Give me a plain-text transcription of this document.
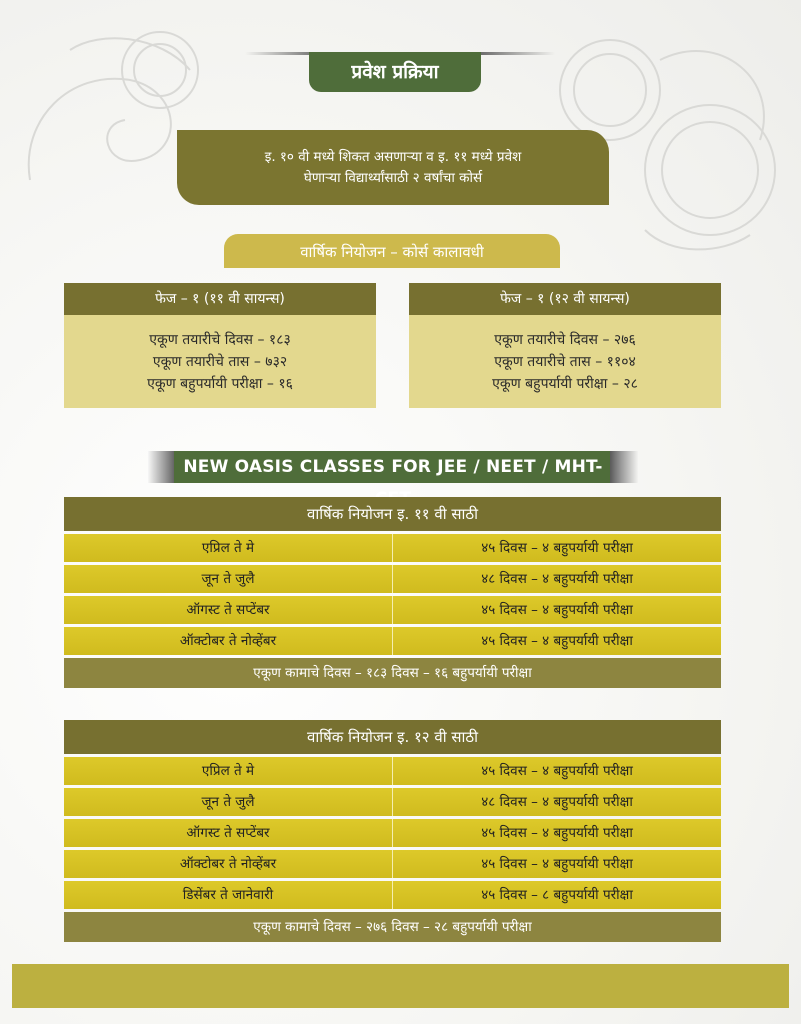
प्रवेश प्रक्रिया
इ. १० वी मध्ये शिकत असणाऱ्या व इ. ११ मध्ये प्रवेश
घेणाऱ्या विद्यार्थ्यांसाठी २ वर्षांचा कोर्स
वार्षिक नियोजन – कोर्स कालावधी
फेज – १ (११ वी सायन्स)
एकूण तयारीचे दिवस – १८३
एकूण तयारीचे तास – ७३२
एकूण बहुपर्यायी परीक्षा – १६
फेज – १ (१२ वी सायन्स)
एकूण तयारीचे दिवस – २७६
एकूण तयारीचे तास – ११०४
एकूण बहुपर्यायी परीक्षा – २८
NEW OASIS CLASSES FOR JEE / NEET / MHT-
वार्षिक नियोजन इ. ११ वी साठी
एप्रिल ते मे	४५ दिवस – ४ बहुपर्यायी परीक्षा
जून ते जुलै	४८ दिवस – ४ बहुपर्यायी परीक्षा
ऑगस्ट ते सप्टेंबर	४५ दिवस – ४ बहुपर्यायी परीक्षा
ऑक्टोबर ते नोव्हेंबर	४५ दिवस – ४ बहुपर्यायी परीक्षा
एकूण कामाचे दिवस – १८३ दिवस – १६ बहुपर्यायी परीक्षा
वार्षिक नियोजन इ. १२ वी साठी
एप्रिल ते मे	४५ दिवस – ४ बहुपर्यायी परीक्षा
जून ते जुलै	४८ दिवस – ४ बहुपर्यायी परीक्षा
ऑगस्ट ते सप्टेंबर	४५ दिवस – ४ बहुपर्यायी परीक्षा
ऑक्टोबर ते नोव्हेंबर	४५ दिवस – ४ बहुपर्यायी परीक्षा
डिसेंबर ते जानेवारी	४५ दिवस – ८ बहुपर्यायी परीक्षा
एकूण कामाचे दिवस – २७६ दिवस – २८ बहुपर्यायी परीक्षा
